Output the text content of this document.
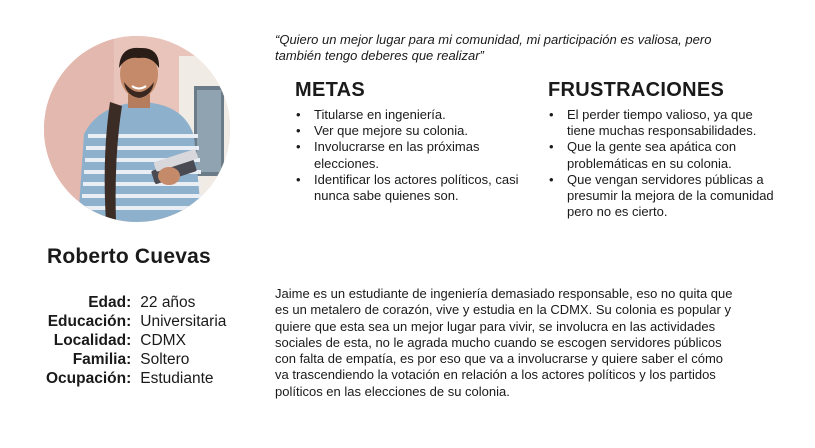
Roberto Cuevas
Edad:	22 años
Educación:	Universitaria
Localidad:	CDMX
Familia:	Soltero
Ocupación:	Estudiante
“Quiero un mejor lugar para mi comunidad, mi participación es valiosa, pero también tengo deberes que realizar”
METAS
• Titularse en ingeniería.
• Ver que mejore su colonia.
• Involucrarse en las próximas elecciones.
• Identificar los actores políticos, casi nunca sabe quienes son.
FRUSTRACIONES
• El perder tiempo valioso, ya que tiene muchas responsabilidades.
• Que la gente sea apática con problemáticas en su colonia.
• Que vengan servidores públicas a presumir la mejora de la comunidad pero no es cierto.
Jaime es un estudiante de ingeniería demasiado responsable, eso no quita que es un metalero de corazón, vive y estudia en la CDMX. Su colonia es popular y quiere que esta sea un mejor lugar para vivir, se involucra en las actividades sociales de esta, no le agrada mucho cuando se escogen servidores públicos con falta de empatía, es por eso que va a involucrarse y quiere saber el cómo va trascendiendo la votación en relación a los actores políticos y los partidos políticos en las elecciones de su colonia.
